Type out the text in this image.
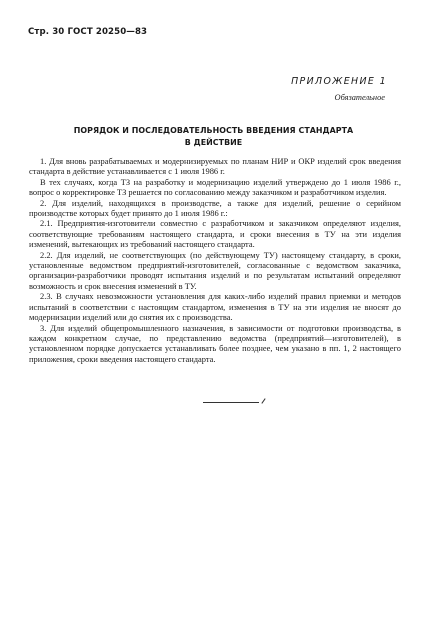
Стр. 30 ГОСТ 20250—83
ПРИЛОЖЕНИЕ 1
Обязательное
ПОРЯДОК И ПОСЛЕДОВАТЕЛЬНОСТЬ ВВЕДЕНИЯ СТАНДАРТА
В ДЕЙСТВИЕ

1. Для вновь разрабатываемых и модернизируемых по планам НИР и ОКР изделий срок введения стандарта в действие устанавливается с 1 июля 1986 г.

В тех случаях, когда ТЗ на разработку и модернизацию изделий утверждено до 1 июля 1986 г., вопрос о корректировке ТЗ решается по согласованию между заказчиком и разработчиком изделия.

2. Для изделий, находящихся в производстве, а также для изделий, решение о серийном производстве которых будет принято до 1 июля 1986 г.:

2.1. Предприятия-изготовители совместно с разработчиком и заказчиком определяют изделия, соответствующие требованиям настоящего стандарта, и сроки внесения в ТУ на эти изделия изменений, вытекающих из требований настоящего стандарта.

2.2. Для изделий, не соответствующих (по действующему ТУ) настоящему стандарту, в сроки, установленные ведомством предприятий-изготовителей, согласованные с ведомством заказчика, организации-разработчики проводят испытания изделий и по результатам испытаний определяют возможность и срок внесения изменений в ТУ.

2.3. В случаях невозможности установления для каких-либо изделий правил приемки и методов испытаний в соответствии с настоящим стандартом, изменения в ТУ на эти изделия не вносят до модернизации изделий или до снятия их с производства.

3. Для изделий общепромышленного назначения, в зависимости от подготовки производства, в каждом конкретном случае, по представлению ведомства (предприятий—изготовителей), в установленном порядке допускается устанавливать более позднее, чем указано в пп. 1, 2 настоящего приложения, сроки введения настоящего стандарта.
